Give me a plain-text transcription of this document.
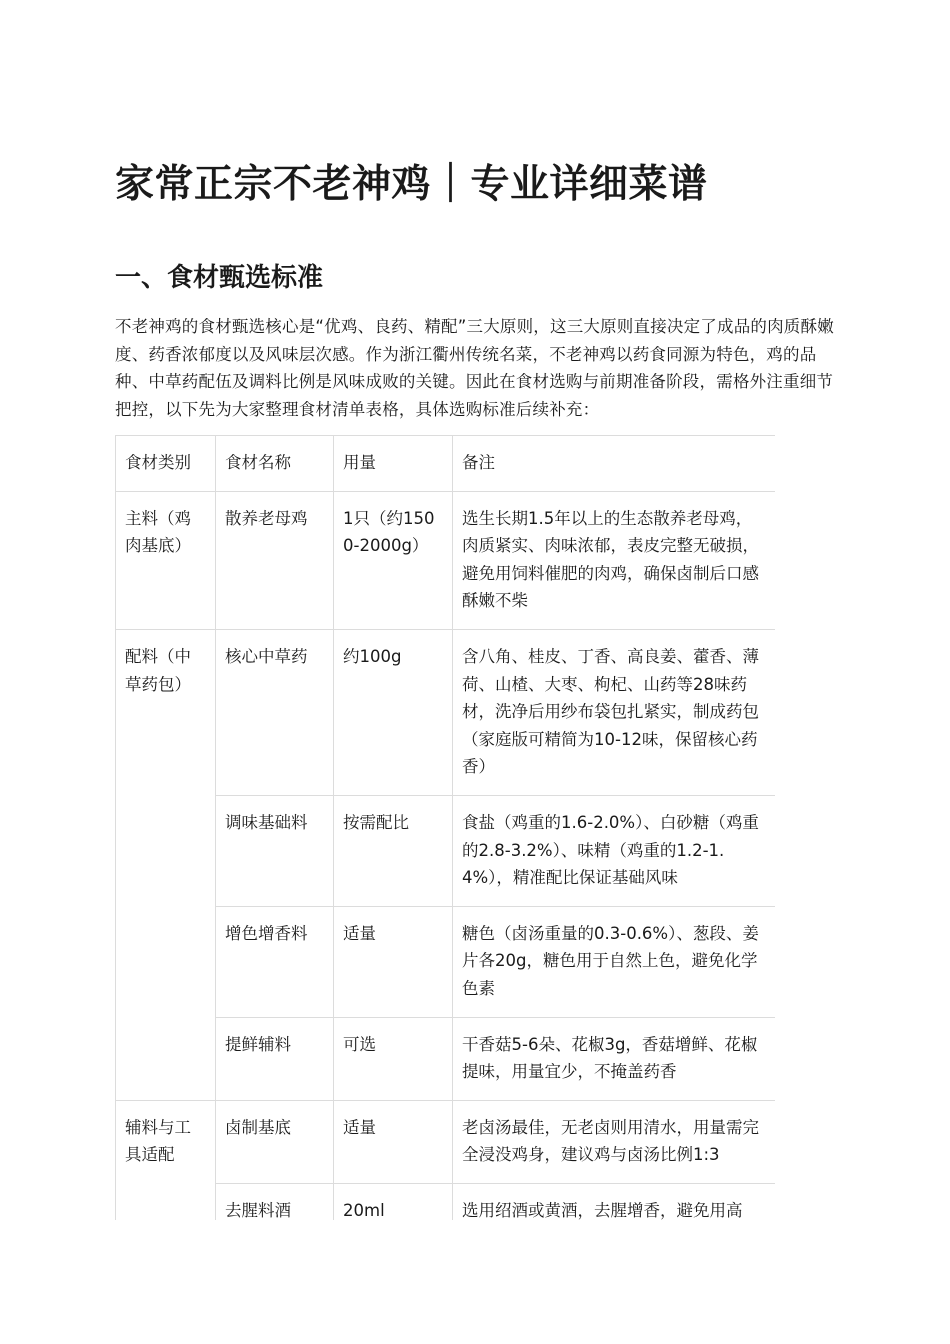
家常正宗不老神鸡｜专业详细菜谱
一、食材甄选标准

不老神鸡的食材甄选核心是“优鸡、良药、精配”三大原则，这三大原则直接决定了成品的肉质酥嫩度、药香浓郁度以及风味层次感。作为浙江衢州传统名菜，不老神鸡以药食同源为特色，鸡的品种、中草药配伍及调料比例是风味成败的关键。因此在食材选购与前期准备阶段，需格外注重细节把控，以下先为大家整理食材清单表格，具体选购标准后续补充：

食材类别	食材名称	用量	备注
主料（鸡肉基底）	散养老母鸡	1只（约1500-2000g）	选生长期1.5年以上的生态散养老母鸡，肉质紧实、肉味浓郁，表皮完整无破损，避免用饲料催肥的肉鸡，确保卤制后口感酥嫩不柴
配料（中草药包）	核心中草药	约100g	含八角、桂皮、丁香、高良姜、藿香、薄荷、山楂、大枣、枸杞、山药等28味药材，洗净后用纱布袋包扎紧实，制成药包（家庭版可精简为10-12味，保留核心药香）
	调味基础料	按需配比	食盐（鸡重的1.6-2.0%）、白砂糖（鸡重的2.8-3.2%）、味精（鸡重的1.2-1.4%），精准配比保证基础风味
	增色增香料	适量	糖色（卤汤重量的0.3-0.6%）、葱段、姜片各20g，糖色用于自然上色，避免化学色素
	提鲜辅料	可选	干香菇5-6朵、花椒3g，香菇增鲜、花椒提味，用量宜少，不掩盖药香
辅料与工具适配	卤制基底	适量	老卤汤最佳，无老卤则用清水，用量需完全浸没鸡身，建议鸡与卤汤比例1:3
	去腥料酒	20ml	选用绍酒或黄酒，去腥增香，避免用高
